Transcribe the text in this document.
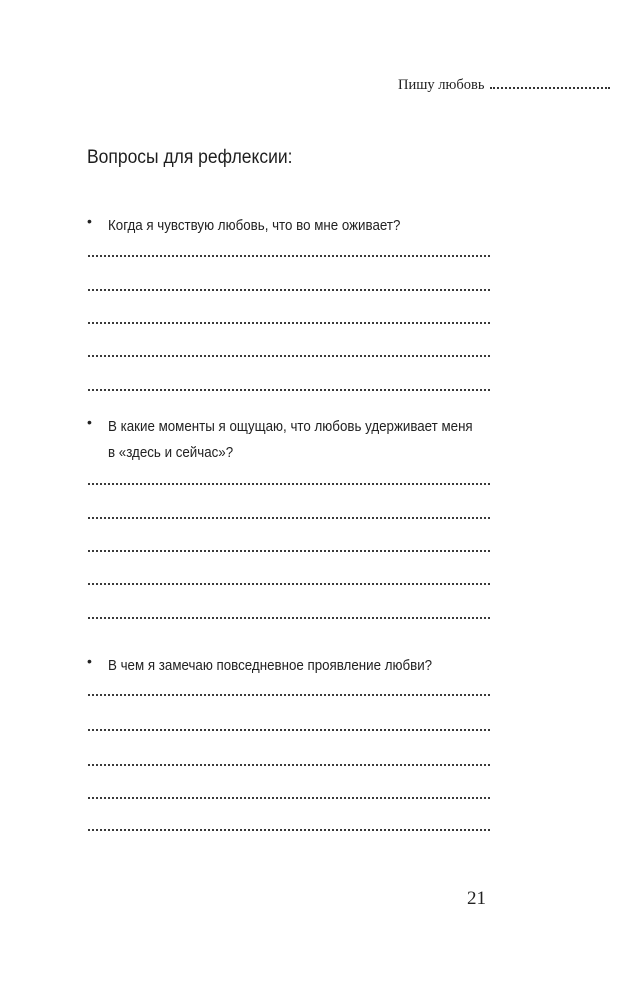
Пишу любовь
Вопросы для рефлексии:
• Когда я чувствую любовь, что во мне оживает?
• В какие моменты я ощущаю, что любовь удерживает меня в «здесь и сейчас»?
• В чем я замечаю повседневное проявление любви?
21
